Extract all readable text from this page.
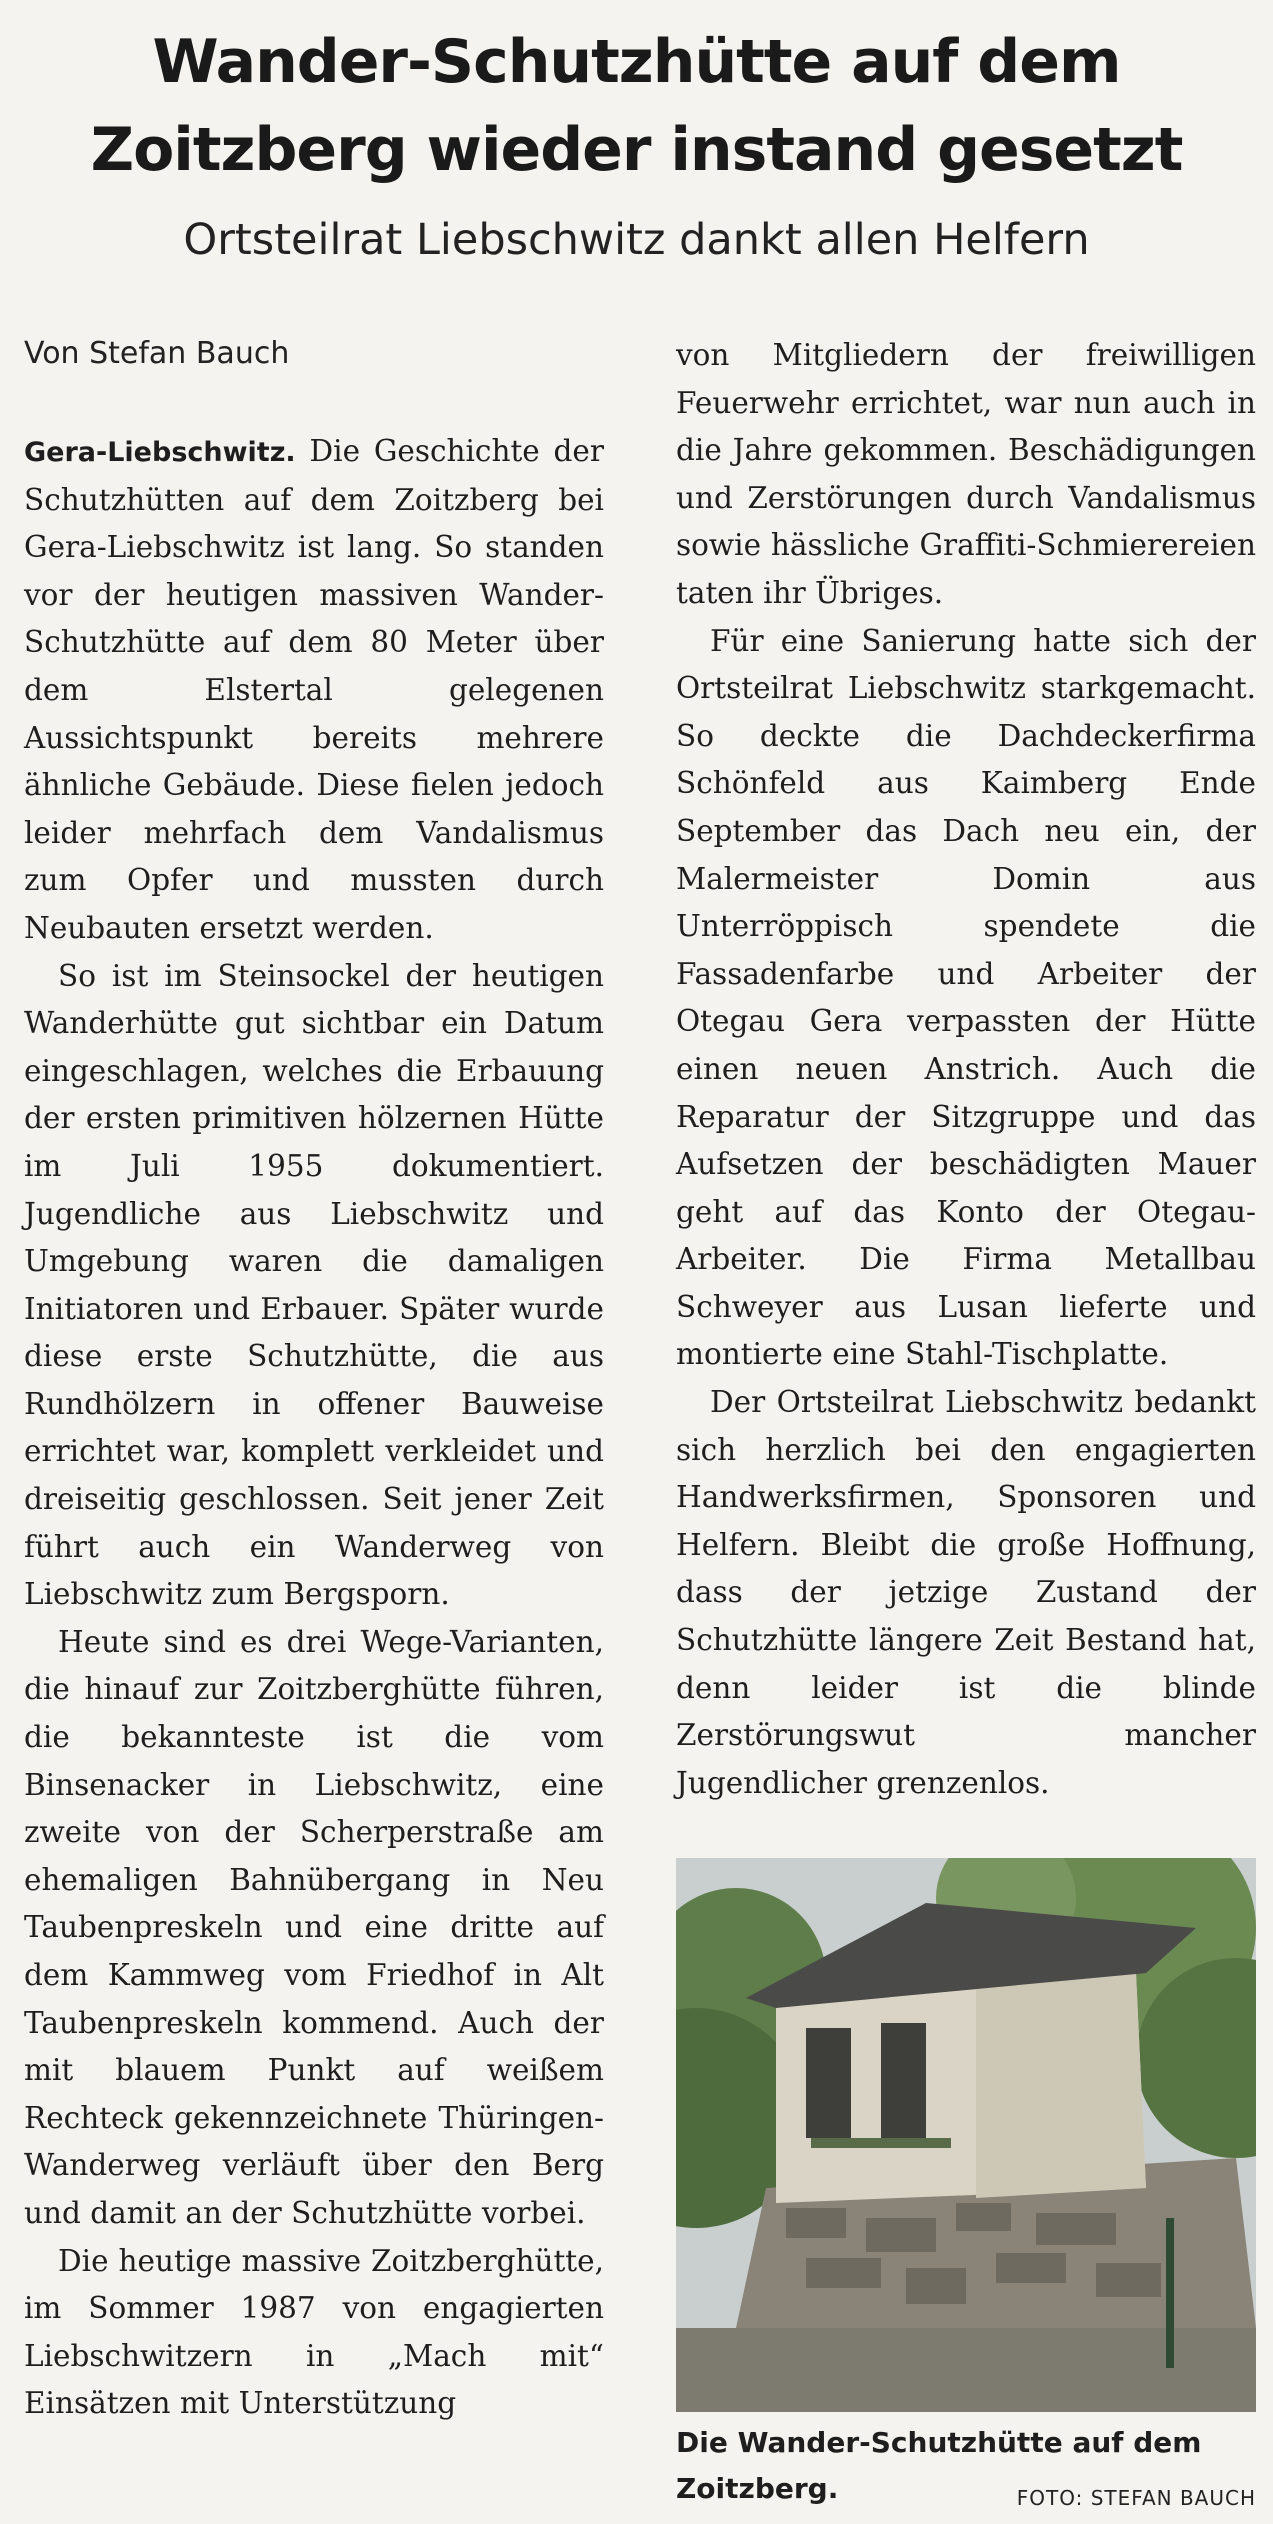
Wander-Schutzhütte auf dem
Zoitzberg wieder instand gesetzt
Ortsteilrat Liebschwitz dankt allen Helfern
Von Stefan Bauch

Gera-Liebschwitz. Die Geschichte der Schutzhütten auf dem Zoitzberg bei Gera-Liebschwitz ist lang. So standen vor der heutigen massiven Wander-Schutzhütte auf dem 80 Meter über dem Elstertal gelegenen Aussichtspunkt bereits mehrere ähnliche Gebäude. Diese fielen jedoch leider mehrfach dem Vandalismus zum Opfer und mussten durch Neubauten ersetzt werden.

So ist im Steinsockel der heutigen Wanderhütte gut sichtbar ein Datum eingeschlagen, welches die Erbauung der ersten primitiven hölzernen Hütte im Juli 1955 dokumentiert. Jugendliche aus Liebschwitz und Umgebung waren die damaligen Initiatoren und Erbauer. Später wurde diese erste Schutzhütte, die aus Rundhölzern in offener Bauweise errichtet war, komplett verkleidet und dreiseitig geschlossen. Seit jener Zeit führt auch ein Wanderweg von Liebschwitz zum Bergsporn.

Heute sind es drei Wege-Varianten, die hinauf zur Zoitzberghütte führen, die bekannteste ist die vom Binsenacker in Liebschwitz, eine zweite von der Scherperstraße am ehemaligen Bahnübergang in Neu Taubenpreskeln und eine dritte auf dem Kammweg vom Friedhof in Alt Taubenpreskeln kommend. Auch der mit blauem Punkt auf weißem Rechteck gekennzeichnete Thüringen-Wanderweg verläuft über den Berg und damit an der Schutzhütte vorbei.

Die heutige massive Zoitzberghütte, im Sommer 1987 von engagierten Liebschwitzern in „Mach mit“ Einsätzen mit Unterstützung

von Mitgliedern der freiwilligen Feuerwehr errichtet, war nun auch in die Jahre gekommen. Beschädigungen und Zerstörungen durch Vandalismus sowie hässliche Graffiti-Schmierereien taten ihr Übriges.

Für eine Sanierung hatte sich der Ortsteilrat Liebschwitz starkgemacht. So deckte die Dachdeckerfirma Schönfeld aus Kaimberg Ende September das Dach neu ein, der Malermeister Domin aus Unterröppisch spendete die Fassadenfarbe und Arbeiter der Otegau Gera verpassten der Hütte einen neuen Anstrich. Auch die Reparatur der Sitzgruppe und das Aufsetzen der beschädigten Mauer geht auf das Konto der Otegau-Arbeiter. Die Firma Metallbau Schweyer aus Lusan lieferte und montierte eine Stahl-Tischplatte.

Der Ortsteilrat Liebschwitz bedankt sich herzlich bei den engagierten Handwerksfirmen, Sponsoren und Helfern. Bleibt die große Hoffnung, dass der jetzige Zustand der Schutzhütte längere Zeit Bestand hat, denn leider ist die blinde Zerstörungswut mancher Jugendlicher grenzenlos.

Die Wander-Schutzhütte auf dem Zoitzberg.	FOTO: STEFAN BAUCH
